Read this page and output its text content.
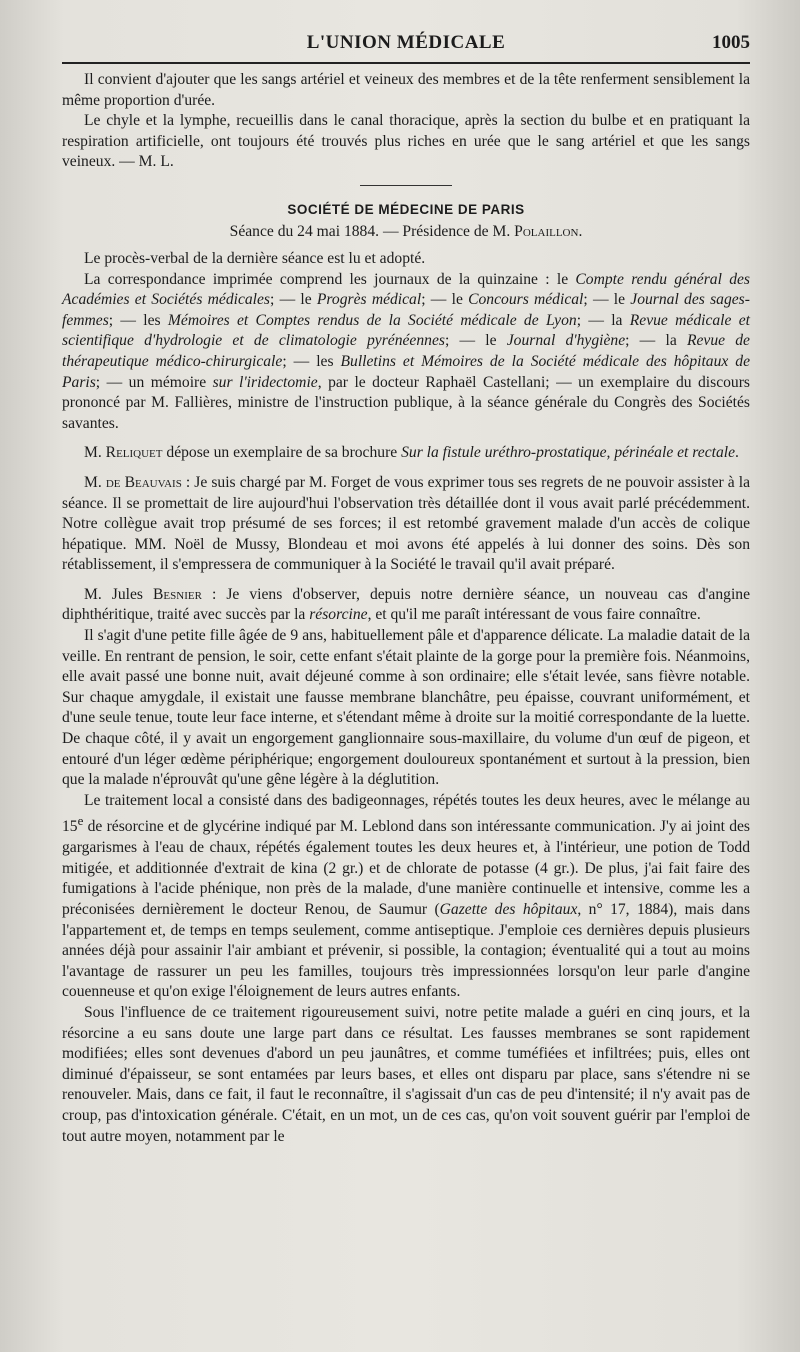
L'UNION MÉDICALE	1005

Il convient d'ajouter que les sangs artériel et veineux des membres et de la tête renferment sensiblement la même proportion d'urée.

Le chyle et la lymphe, recueillis dans le canal thoracique, après la section du bulbe et en pratiquant la respiration artificielle, ont toujours été trouvés plus riches en urée que le sang artériel et que les sangs veineux. — M. L.

SOCIÉTÉ DE MÉDECINE DE PARIS
Séance du 24 mai 1884. — Présidence de M. Polaillon.

Le procès-verbal de la dernière séance est lu et adopté.

La correspondance imprimée comprend les journaux de la quinzaine : le Compte rendu général des Académies et Sociétés médicales; — le Progrès médical; — le Concours médical; — le Journal des sages-femmes; — les Mémoires et Comptes rendus de la Société médicale de Lyon; — la Revue médicale et scientifique d'hydrologie et de climatologie pyrénéennes; — le Journal d'hygiène; — la Revue de thérapeutique médico-chirurgicale; — les Bulletins et Mémoires de la Société médicale des hôpitaux de Paris; — un mémoire sur l'iridectomie, par le docteur Raphaël Castellani; — un exemplaire du discours prononcé par M. Fallières, ministre de l'instruction publique, à la séance générale du Congrès des Sociétés savantes.

M. Reliquet dépose un exemplaire de sa brochure Sur la fistule uréthro-prostatique, périnéale et rectale.

M. de Beauvais : Je suis chargé par M. Forget de vous exprimer tous ses regrets de ne pouvoir assister à la séance. Il se promettait de lire aujourd'hui l'observation très détaillée dont il vous avait parlé précédemment. Notre collègue avait trop présumé de ses forces; il est retombé gravement malade d'un accès de colique hépatique. MM. Noël de Mussy, Blondeau et moi avons été appelés à lui donner des soins. Dès son rétablissement, il s'empressera de communiquer à la Société le travail qu'il avait préparé.

M. Jules Besnier : Je viens d'observer, depuis notre dernière séance, un nouveau cas d'angine diphthéritique, traité avec succès par la résorcine, et qu'il me paraît intéressant de vous faire connaître.

Il s'agit d'une petite fille âgée de 9 ans, habituellement pâle et d'apparence délicate. La maladie datait de la veille. En rentrant de pension, le soir, cette enfant s'était plainte de la gorge pour la première fois. Néanmoins, elle avait passé une bonne nuit, avait déjeuné comme à son ordinaire; elle s'était levée, sans fièvre notable. Sur chaque amygdale, il existait une fausse membrane blanchâtre, peu épaisse, couvrant uniformément, et d'une seule tenue, toute leur face interne, et s'étendant même à droite sur la moitié correspondante de la luette. De chaque côté, il y avait un engorgement ganglionnaire sous-maxillaire, du volume d'un œuf de pigeon, et entouré d'un léger œdème périphérique; engorgement douloureux spontanément et surtout à la pression, bien que la malade n'éprouvât qu'une gêne légère à la déglutition.

Le traitement local a consisté dans des badigeonnages, répétés toutes les deux heures, avec le mélange au 15e de résorcine et de glycérine indiqué par M. Leblond dans son intéressante communication. J'y ai joint des gargarismes à l'eau de chaux, répétés également toutes les deux heures et, à l'intérieur, une potion de Todd mitigée, et additionnée d'extrait de kina (2 gr.) et de chlorate de potasse (4 gr.). De plus, j'ai fait faire des fumigations à l'acide phénique, non près de la malade, d'une manière continuelle et intensive, comme les a préconisées dernièrement le docteur Renou, de Saumur (Gazette des hôpitaux, n° 17, 1884), mais dans l'appartement et, de temps en temps seulement, comme antiseptique. J'emploie ces dernières depuis plusieurs années déjà pour assainir l'air ambiant et prévenir, si possible, la contagion; éventualité qui a tout au moins l'avantage de rassurer un peu les familles, toujours très impressionnées lorsqu'on leur parle d'angine couenneuse et qu'on exige l'éloignement de leurs autres enfants.

Sous l'influence de ce traitement rigoureusement suivi, notre petite malade a guéri en cinq jours, et la résorcine a eu sans doute une large part dans ce résultat. Les fausses membranes se sont rapidement modifiées; elles sont devenues d'abord un peu jaunâtres, et comme tuméfiées et infiltrées; puis, elles ont diminué d'épaisseur, se sont entamées par leurs bases, et elles ont disparu par place, sans s'étendre ni se renouveler. Mais, dans ce fait, il faut le reconnaître, il s'agissait d'un cas de peu d'intensité; il n'y avait pas de croup, pas d'intoxication générale. C'était, en un mot, un de ces cas, qu'on voit souvent guérir par l'emploi de tout autre moyen, notamment par le
